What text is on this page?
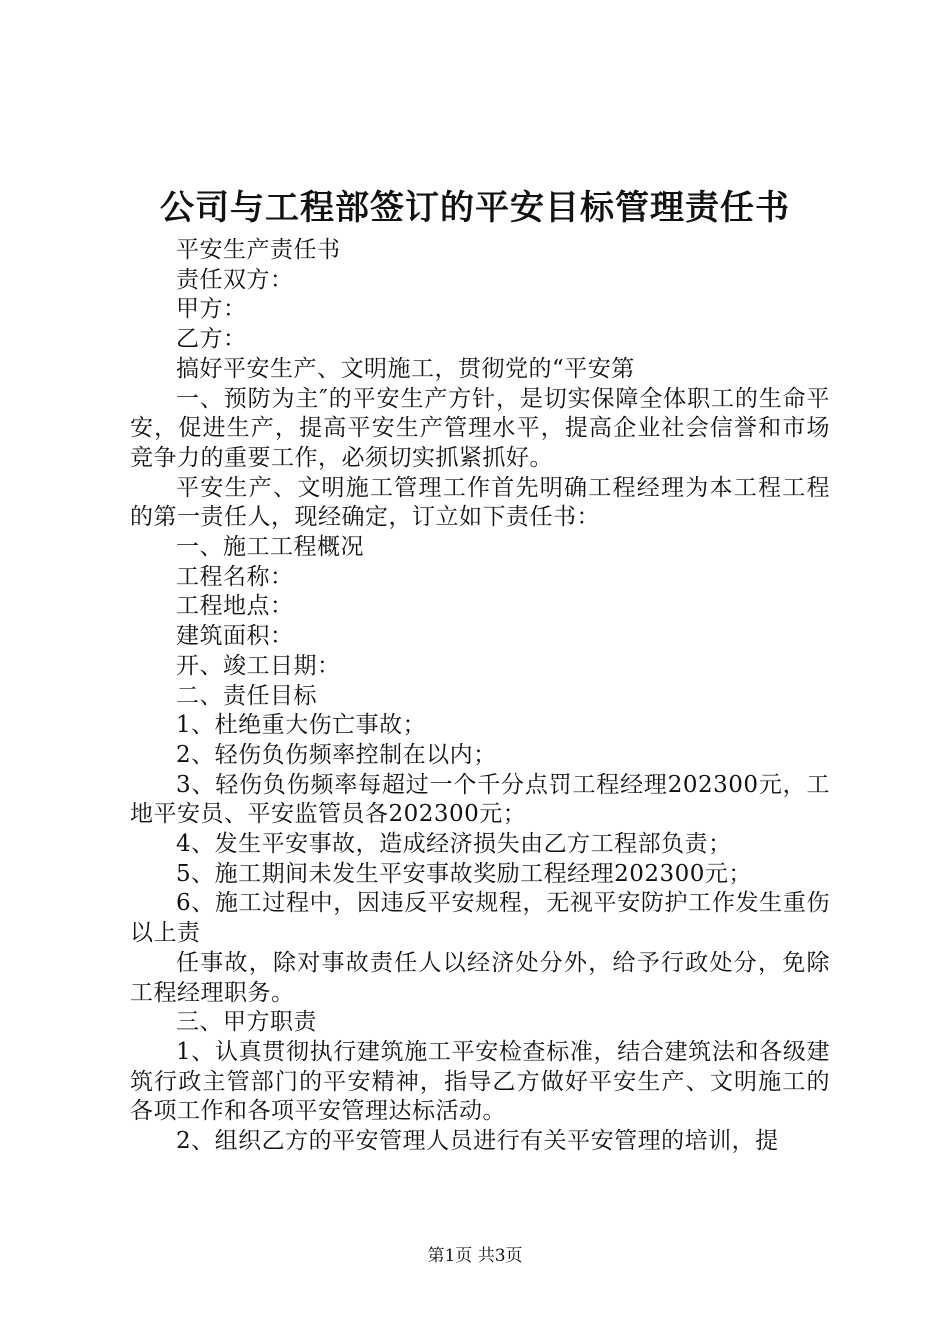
公司与工程部签订的平安目标管理责任书

平安生产责任书

责任双方：

甲方：

乙方：

搞好平安生产、文明施工，贯彻党的“平安第

一、预防为主″的平安生产方针，是切实保障全体职工的生命平安，促进生产，提高平安生产管理水平，提高企业社会信誉和市场竞争力的重要工作，必须切实抓紧抓好。

平安生产、文明施工管理工作首先明确工程经理为本工程工程的第一责任人，现经确定，订立如下责任书：

一、施工工程概况

工程名称：

工程地点：

建筑面积：

开、竣工日期：

二、责任目标

1、杜绝重大伤亡事故；

2、轻伤负伤频率控制在以内；

3、轻伤负伤频率每超过一个千分点罚工程经理202300元，工地平安员、平安监管员各202300元；

4、发生平安事故，造成经济损失由乙方工程部负责；

5、施工期间未发生平安事故奖励工程经理202300元；

6、施工过程中，因违反平安规程，无视平安防护工作发生重伤以上责

任事故，除对事故责任人以经济处分外，给予行政处分，免除工程经理职务。

三、甲方职责

1、认真贯彻执行建筑施工平安检查标准，结合建筑法和各级建筑行政主管部门的平安精神，指导乙方做好平安生产、文明施工的各项工作和各项平安管理达标活动。

2、组织乙方的平安管理人员进行有关平安管理的培训，提

第1页 共3页
